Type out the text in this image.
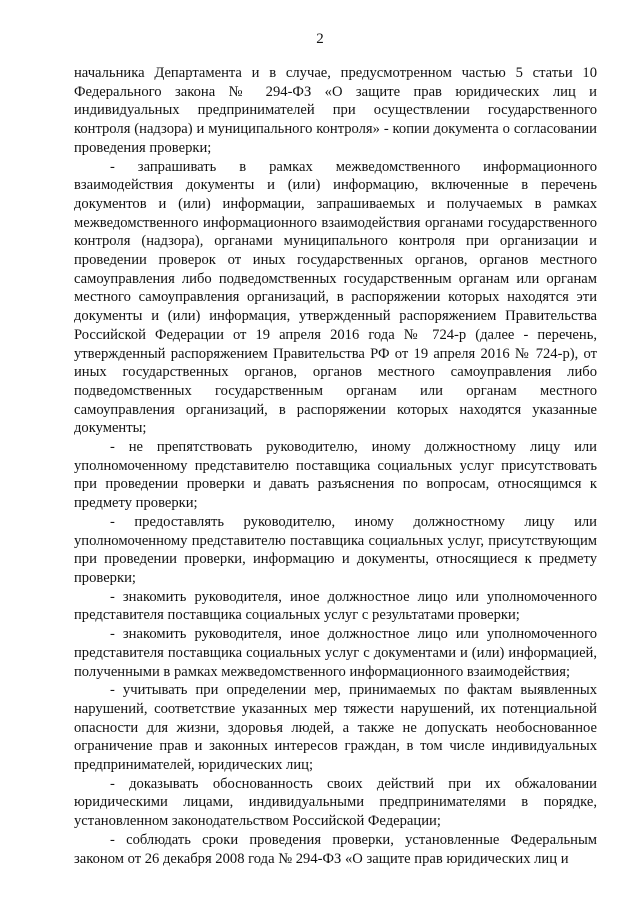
2

начальника Департамента и в случае, предусмотренном частью 5 статьи 10 Федерального закона № 294-ФЗ «О защите прав юридических лиц и индивидуальных предпринимателей при осуществлении государственного контроля (надзора) и муниципального контроля» - копии документа о согласовании проведения проверки;

- запрашивать в рамках межведомственного информационного взаимодействия документы и (или) информацию, включенные в перечень документов и (или) информации, запрашиваемых и получаемых в рамках межведомственного информационного взаимодействия органами государственного контроля (надзора), органами муниципального контроля при организации и проведении проверок от иных государственных органов, органов местного самоуправления либо подведомственных государственным органам или органам местного самоуправления организаций, в распоряжении которых находятся эти документы и (или) информация, утвержденный распоряжением Правительства Российской Федерации от 19 апреля 2016 года № 724-р (далее - перечень, утвержденный распоряжением Правительства РФ от 19 апреля 2016 № 724-р), от иных государственных органов, органов местного самоуправления либо подведомственных государственным органам или органам местного самоуправления организаций, в распоряжении которых находятся указанные документы;

- не препятствовать руководителю, иному должностному лицу или уполномоченному представителю поставщика социальных услуг присутствовать при проведении проверки и давать разъяснения по вопросам, относящимся к предмету проверки;

- предоставлять руководителю, иному должностному лицу или уполномоченному представителю поставщика социальных услуг, присутствующим при проведении проверки, информацию и документы, относящиеся к предмету проверки;

- знакомить руководителя, иное должностное лицо или уполномоченного представителя поставщика социальных услуг с результатами проверки;

- знакомить руководителя, иное должностное лицо или уполномоченного представителя поставщика социальных услуг с документами и (или) информацией, полученными в рамках межведомственного информационного взаимодействия;

- учитывать при определении мер, принимаемых по фактам выявленных нарушений, соответствие указанных мер тяжести нарушений, их потенциальной опасности для жизни, здоровья людей, а также не допускать необоснованное ограничение прав и законных интересов граждан, в том числе индивидуальных предпринимателей, юридических лиц;

- доказывать обоснованность своих действий при их обжаловании юридическими лицами, индивидуальными предпринимателями в порядке, установленном законодательством Российской Федерации;

- соблюдать сроки проведения проверки, установленные Федеральным законом от 26 декабря 2008 года № 294-ФЗ «О защите прав юридических лиц и
